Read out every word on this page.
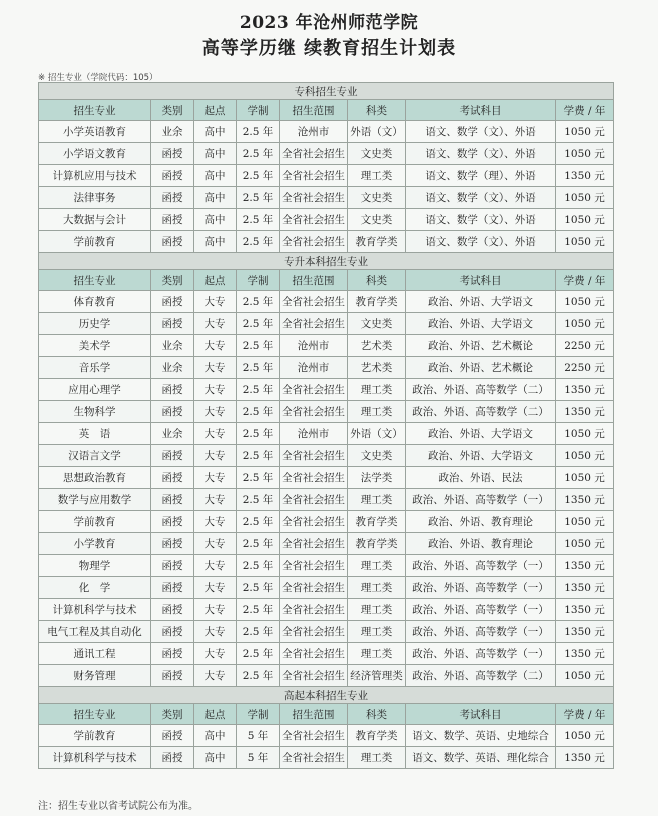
2023 年沧州师范学院
高等学历继 续教育招生计划表
※ 招生专业（学院代码：105）
专科招生专业							
招生专业	类别	起点	学制	招生范围	科类	考试科目	学费 / 年
小学英语教育	业余	高中	2.5 年	沧州市	外语（文）	语文、数学（文）、外语	1050 元
小学语文教育	函授	高中	2.5 年	全省社会招生	文史类	语文、数学（文）、外语	1050 元
计算机应用与技术	函授	高中	2.5 年	全省社会招生	理工类	语文、数学（理）、外语	1350 元
法律事务	函授	高中	2.5 年	全省社会招生	文史类	语文、数学（文）、外语	1050 元
大数据与会计	函授	高中	2.5 年	全省社会招生	文史类	语文、数学（文）、外语	1050 元
学前教育	函授	高中	2.5 年	全省社会招生	教育学类	语文、数学（文）、外语	1050 元
专升本科招生专业							
招生专业	类别	起点	学制	招生范围	科类	考试科目	学费 / 年
体育教育	函授	大专	2.5 年	全省社会招生	教育学类	政治、外语、大学语文	1050 元
历史学	函授	大专	2.5 年	全省社会招生	文史类	政治、外语、大学语文	1050 元
美术学	业余	大专	2.5 年	沧州市	艺术类	政治、外语、艺术概论	2250 元
音乐学	业余	大专	2.5 年	沧州市	艺术类	政治、外语、艺术概论	2250 元
应用心理学	函授	大专	2.5 年	全省社会招生	理工类	政治、外语、高等数学（二）	1350 元
生物科学	函授	大专	2.5 年	全省社会招生	理工类	政治、外语、高等数学（二）	1350 元
英　语	业余	大专	2.5 年	沧州市	外语（文）	政治、外语、大学语文	1050 元
汉语言文学	函授	大专	2.5 年	全省社会招生	文史类	政治、外语、大学语文	1050 元
思想政治教育	函授	大专	2.5 年	全省社会招生	法学类	政治、外语、民法	1050 元
数学与应用数学	函授	大专	2.5 年	全省社会招生	理工类	政治、外语、高等数学（一）	1350 元
学前教育	函授	大专	2.5 年	全省社会招生	教育学类	政治、外语、教育理论	1050 元
小学教育	函授	大专	2.5 年	全省社会招生	教育学类	政治、外语、教育理论	1050 元
物理学	函授	大专	2.5 年	全省社会招生	理工类	政治、外语、高等数学（一）	1350 元
化　学	函授	大专	2.5 年	全省社会招生	理工类	政治、外语、高等数学（一）	1350 元
计算机科学与技术	函授	大专	2.5 年	全省社会招生	理工类	政治、外语、高等数学（一）	1350 元
电气工程及其自动化	函授	大专	2.5 年	全省社会招生	理工类	政治、外语、高等数学（一）	1350 元
通讯工程	函授	大专	2.5 年	全省社会招生	理工类	政治、外语、高等数学（一）	1350 元
财务管理	函授	大专	2.5 年	全省社会招生	经济管理类	政治、外语、高等数学（二）	1050 元
高起本科招生专业							
招生专业	类别	起点	学制	招生范围	科类	考试科目	学费 / 年
学前教育	函授	高中	5 年	全省社会招生	教育学类	语文、数学、英语、史地综合	1050 元
计算机科学与技术	函授	高中	5 年	全省社会招生	理工类	语文、数学、英语、理化综合	1350 元
注：招生专业以省考试院公布为准。
